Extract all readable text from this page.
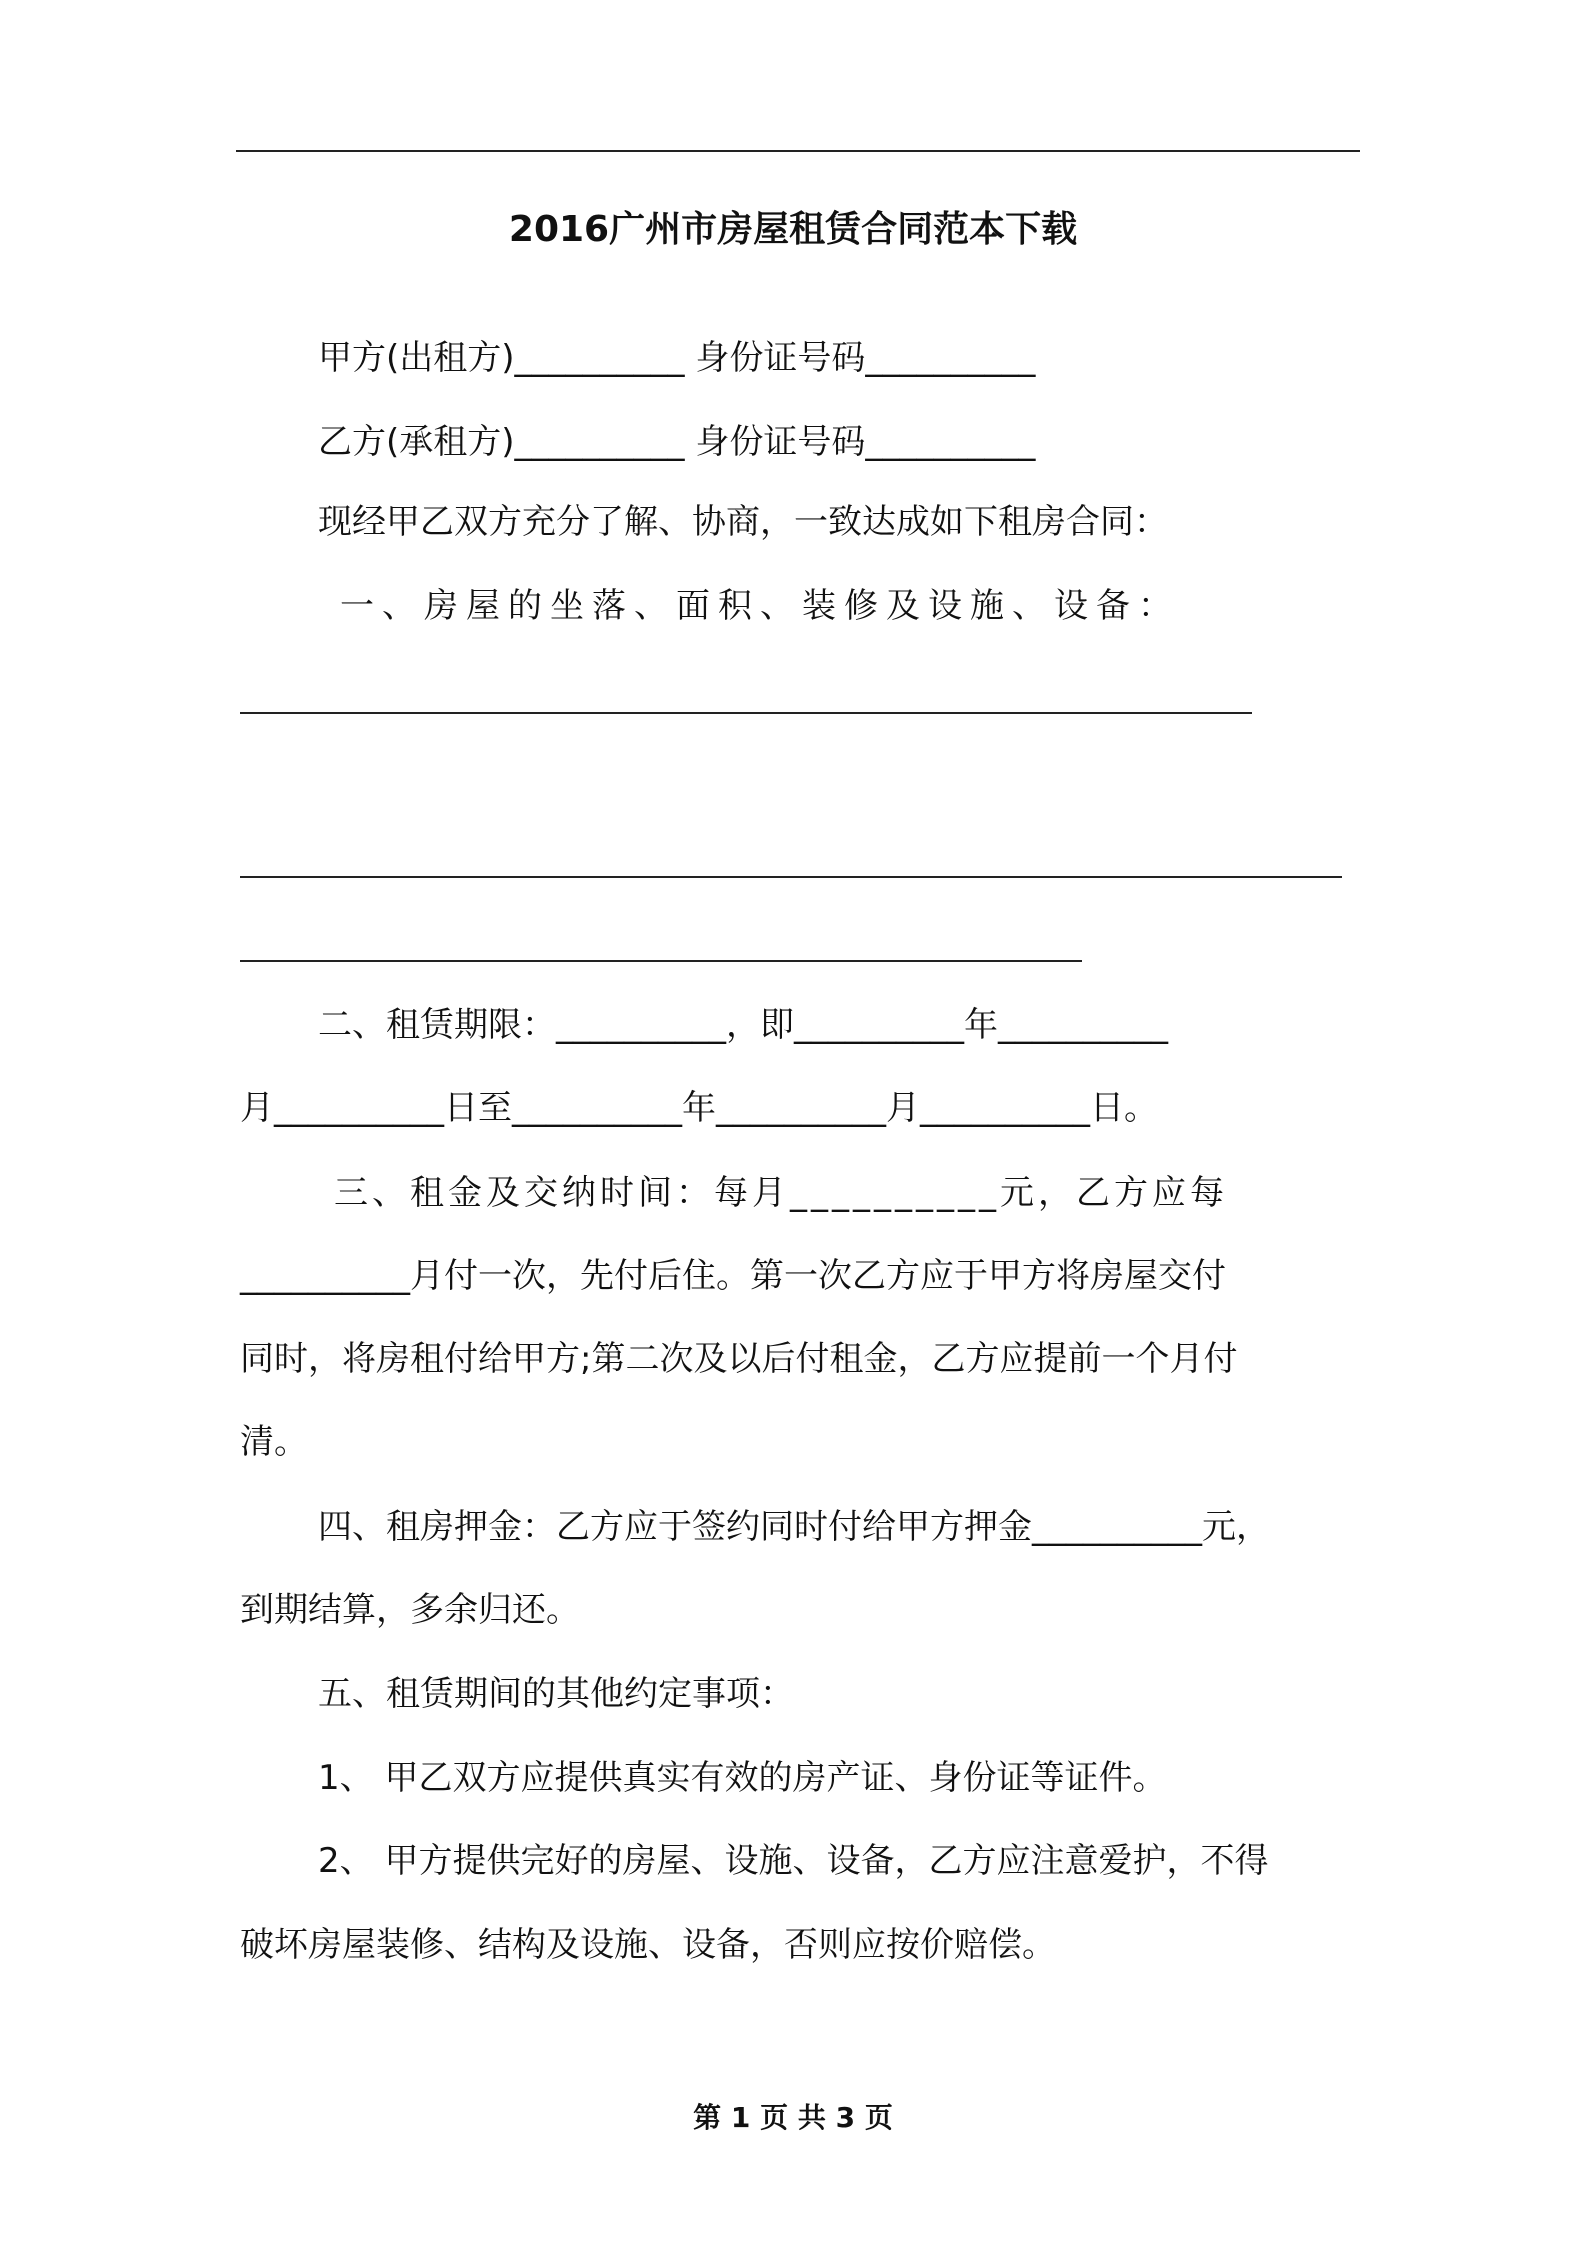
2016广州市房屋租赁合同范本下载
甲方(出租方)__________ 身份证号码__________
乙方(承租方)__________ 身份证号码__________
现经甲乙双方充分了解、协商，一致达成如下租房合同：
一、房屋的坐落、面积、装修及设施、设备：
二、租赁期限：__________，即__________年__________
月__________日至__________年__________月__________日。
三、租金及交纳时间：每月__________元，乙方应每
__________月付一次，先付后住。第一次乙方应于甲方将房屋交付
同时，将房租付给甲方;第二次及以后付租金，乙方应提前一个月付
清。
四、租房押金：乙方应于签约同时付给甲方押金__________元，
到期结算，多余归还。
五、租赁期间的其他约定事项：
1、 甲乙双方应提供真实有效的房产证、身份证等证件。
2、 甲方提供完好的房屋、设施、设备，乙方应注意爱护，不得
破坏房屋装修、结构及设施、设备，否则应按价赔偿。
第 1 页 共 3 页
